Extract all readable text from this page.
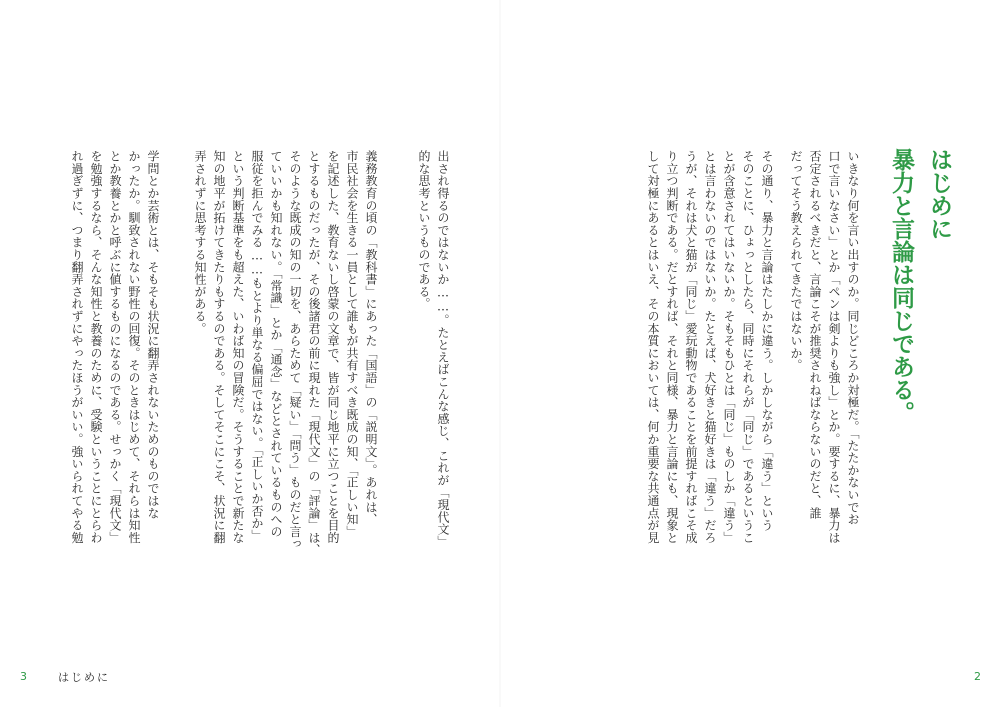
はじめに
暴力と言論は同じである。

いきなり何を言い出すのか。同じどころか対極だ。「たたかないでお
口で言いなさい」とか「ペンは剣よりも強し」とか。要するに、暴力は
否定されるべきだと、言論こそが推奨されねばならないのだと、誰
だってそう教えられてきたではないか。

その通り、暴力と言論はたしかに違う。しかしながら「違う」という
そのことに、ひょっとしたら、同時にそれらが「同じ」であるというこ
とが含意されてはいないか。そもそもひとは「同じ」ものしか「違う」
とは言わないのではないか。たとえば、犬好きと猫好きは「違う」だろ
うが、それは犬と猫が「同じ」愛玩動物であることを前提すればこそ成
り立つ判断である。だとすれば、それと同様、暴力と言論にも、現象と
して対極にあるとはいえ、その本質においては、何か重要な共通点が見

出され得るのではないか……。たとえばこんな感じ、これが「現代文」
的な思考というものである。

2

義務教育の頃の「教科書」にあった「国語」の「説明文」。あれは、
市民社会を生きる一員として誰もが共有すべき既成の知、「正しい知」
を記述した、教育ないし啓蒙の文章で、皆が同じ地平に立つことを目的
とするものだったが、その後諸君の前に現れた「現代文」の「評論」は、
そのような既成の知の一切を、あらためて「疑い」「問う」ものだと言っ
ていいかも知れない。「常識」とか「通念」などとされているものへの
服従を拒んでみる……もとより単なる偏屈ではない。「正しいか否か」
という判断基準をも超えた、いわば知の冒険だ。そうすることで新たな
知の地平が拓けてきたりもするのである。そしてそこにこそ、状況に翻
弄されずに思考する知性がある。

学問とか芸術とは、そもそも状況に翻弄されないためのものではな
かったか。馴致されない野性の回復。そのときはじめて、それらは知性
とか教養とかと呼ぶに値するものになるのである。せっかく「現代文」
を勉強するなら、そんな知性と教養のために、受験ということにとらわ
れ過ぎずに、つまり翻弄されずにやったほうがいい。強いられてやる勉

3	はじめに
